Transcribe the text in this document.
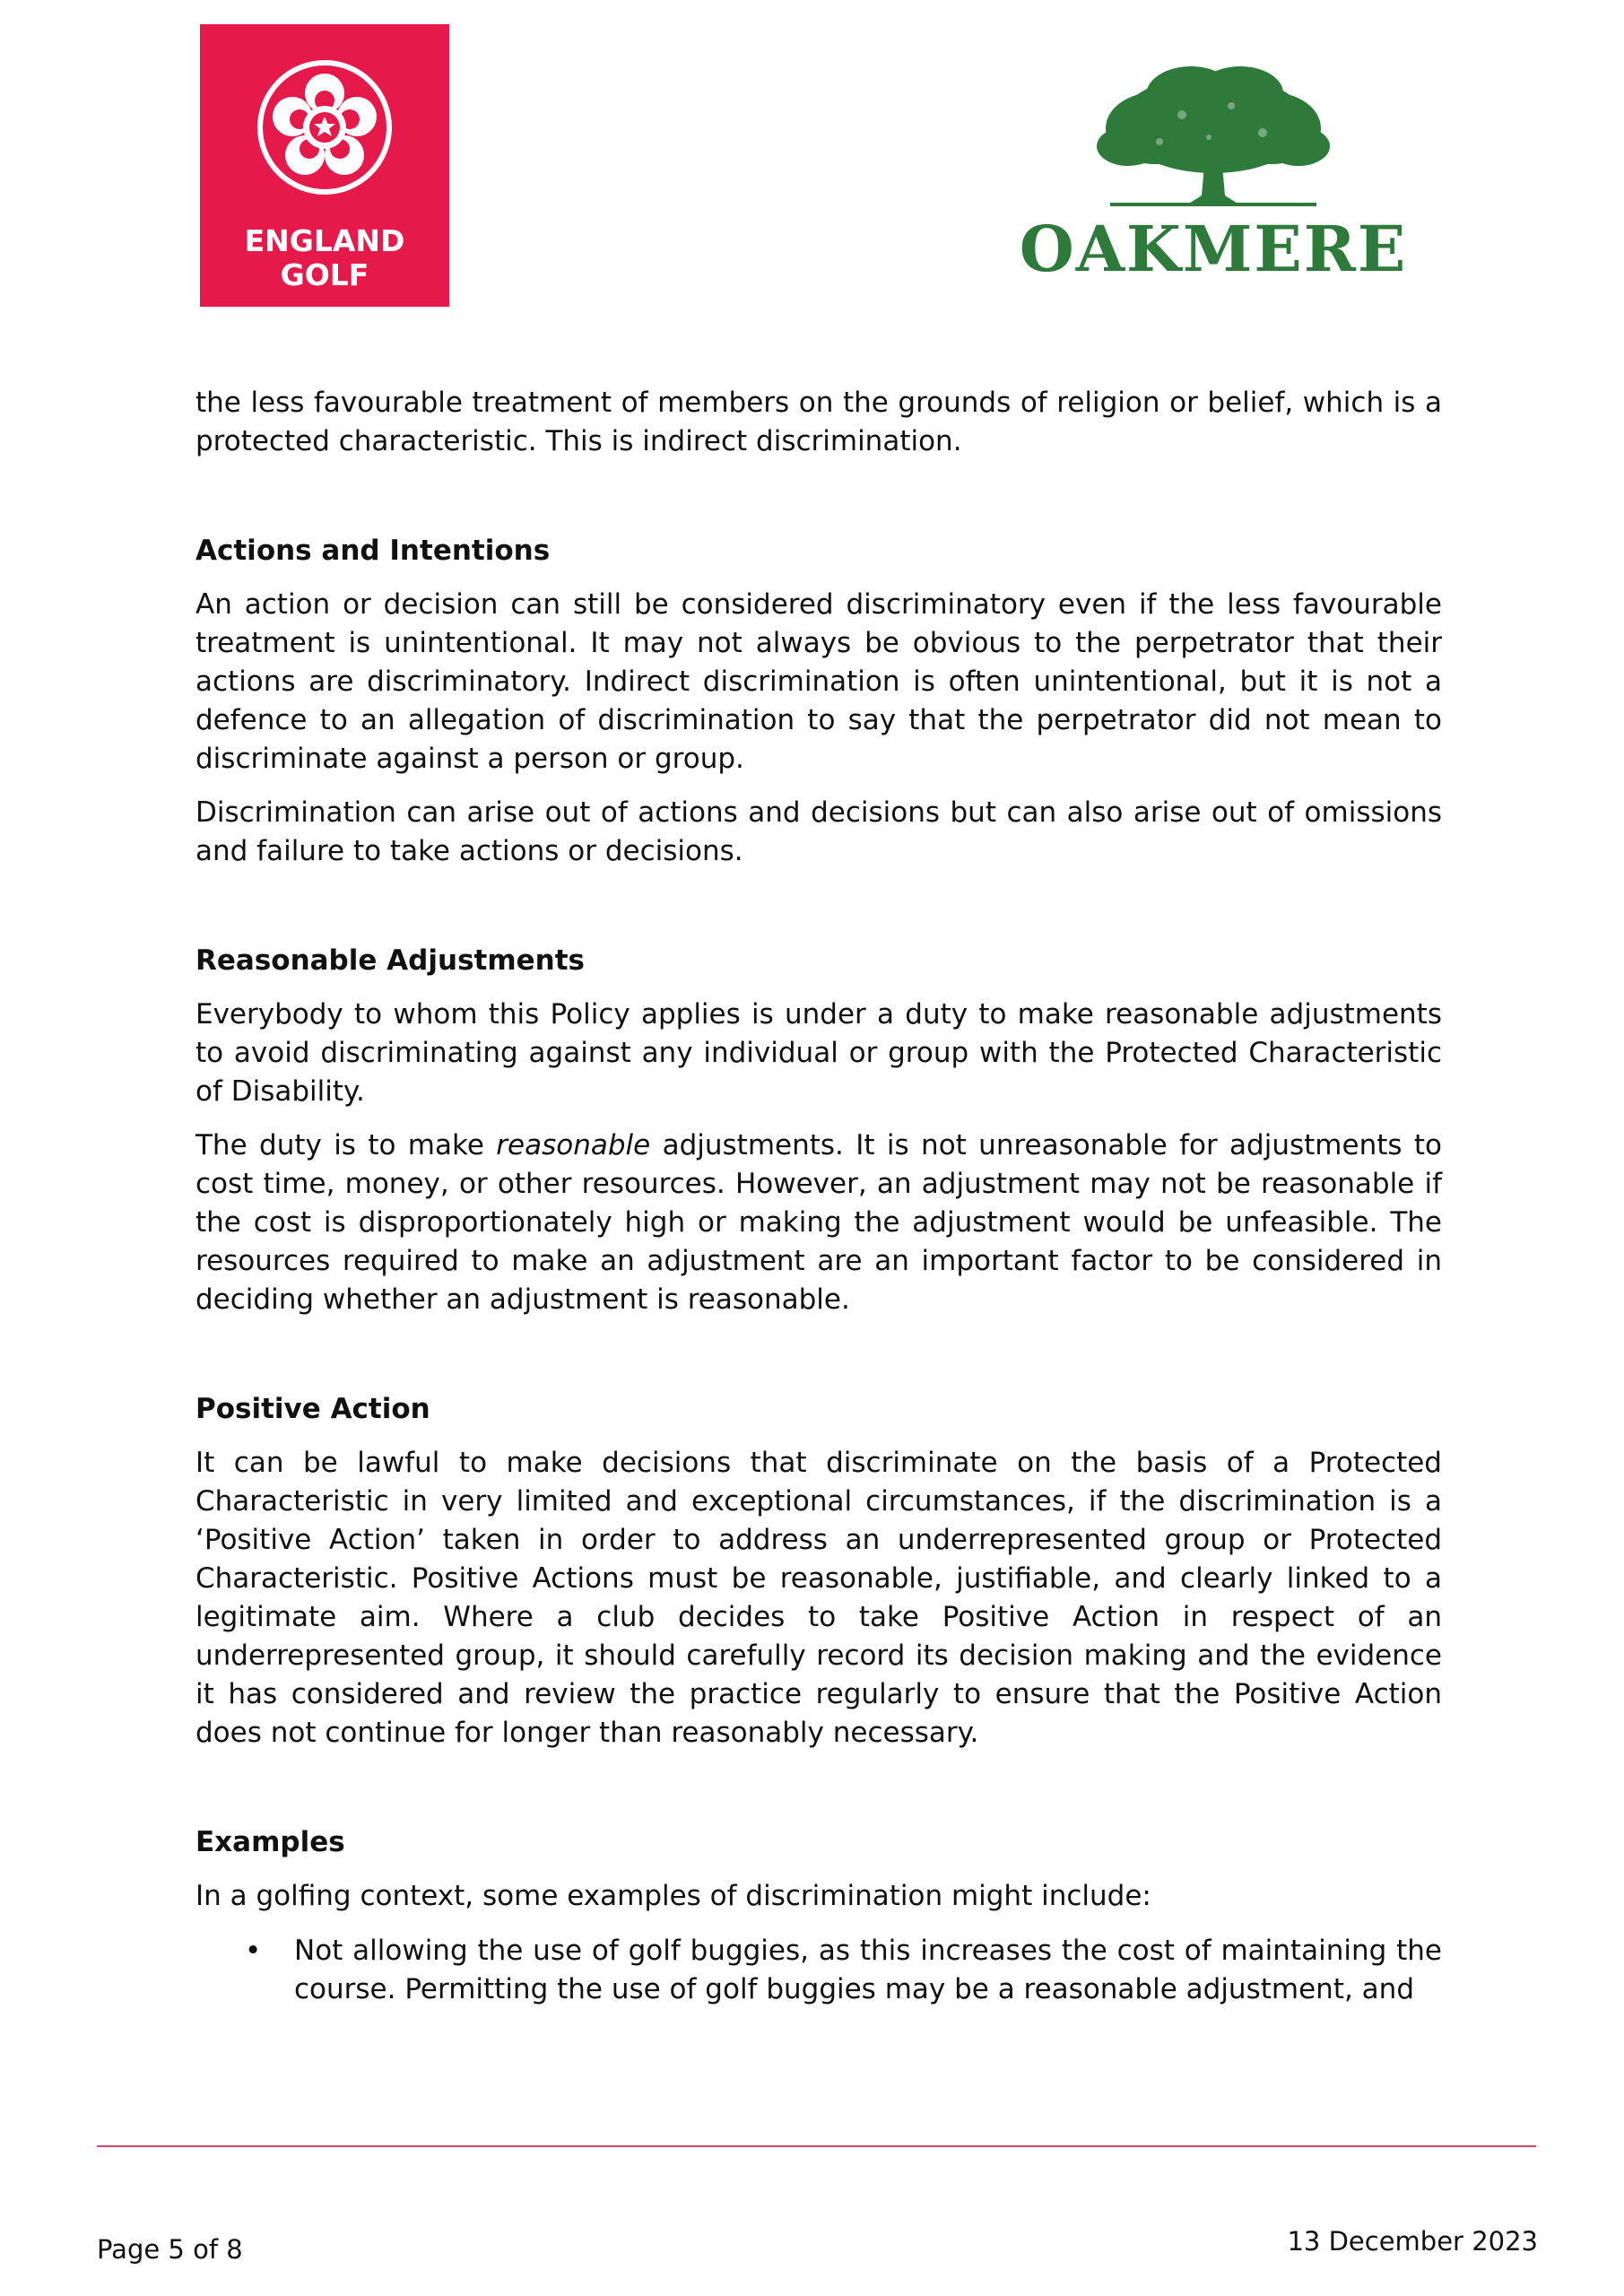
ENGLAND
GOLF	OAKMERE

the less favourable treatment of members on the grounds of religion or belief, which is a protected characteristic. This is indirect discrimination.

Actions and Intentions

An action or decision can still be considered discriminatory even if the less favourable treatment is unintentional. It may not always be obvious to the perpetrator that their actions are discriminatory. Indirect discrimination is often unintentional, but it is not a defence to an allegation of discrimination to say that the perpetrator did not mean to discriminate against a person or group.

Discrimination can arise out of actions and decisions but can also arise out of omissions and failure to take actions or decisions.

Reasonable Adjustments

Everybody to whom this Policy applies is under a duty to make reasonable adjustments to avoid discriminating against any individual or group with the Protected Characteristic of Disability.

The duty is to make reasonable adjustments. It is not unreasonable for adjustments to cost time, money, or other resources. However, an adjustment may not be reasonable if the cost is disproportionately high or making the adjustment would be unfeasible. The resources required to make an adjustment are an important factor to be considered in deciding whether an adjustment is reasonable.

Positive Action

It can be lawful to make decisions that discriminate on the basis of a Protected Characteristic in very limited and exceptional circumstances, if the discrimination is a ‘Positive Action’ taken in order to address an underrepresented group or Protected Characteristic. Positive Actions must be reasonable, justifiable, and clearly linked to a legitimate aim. Where a club decides to take Positive Action in respect of an underrepresented group, it should carefully record its decision making and the evidence it has considered and review the practice regularly to ensure that the Positive Action does not continue for longer than reasonably necessary.

Examples

In a golfing context, some examples of discrimination might include:

• Not allowing the use of golf buggies, as this increases the cost of maintaining the course. Permitting the use of golf buggies may be a reasonable adjustment, and
Page 5 of 8	13 December 2023
